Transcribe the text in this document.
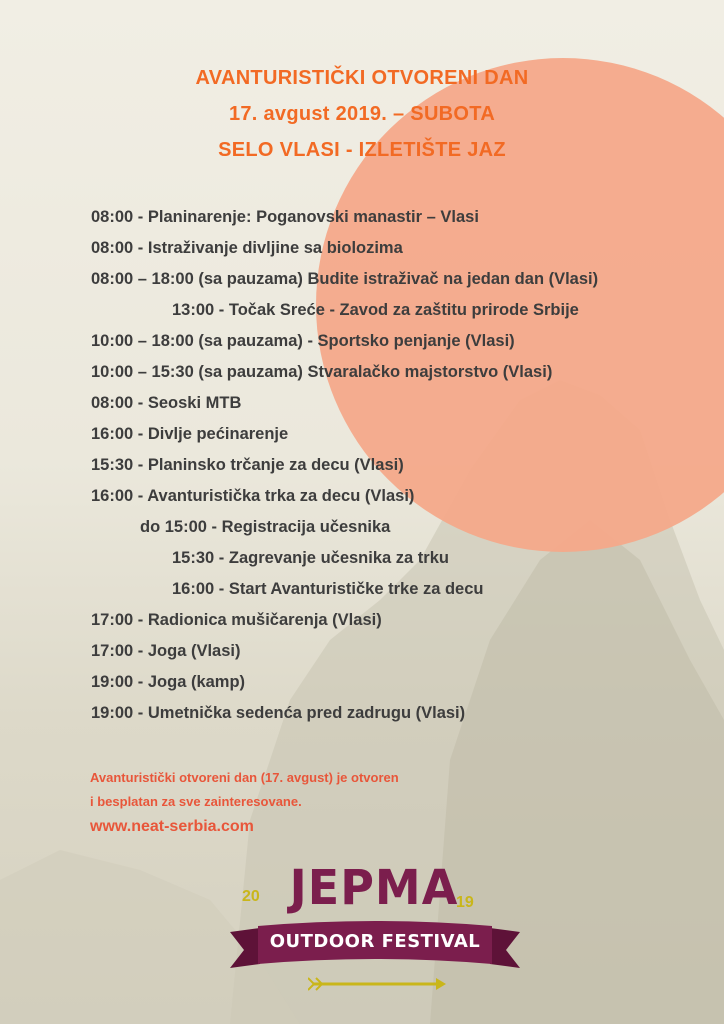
AVANTURISTIČKI OTVORENI DAN
17. avgust 2019. – SUBOTA
SELO VLASI - IZLETIŠTE JAZ
08:00 - Planinarenje: Poganovski manastir – Vlasi
08:00 - Istraživanje divljine sa biolozima
08:00 – 18:00 (sa pauzama) Budite istraživač na jedan dan (Vlasi)
13:00 - Točak Sreće - Zavod za zaštitu prirode Srbije
10:00 – 18:00 (sa pauzama) - Sportsko penjanje (Vlasi)
10:00 – 15:30 (sa pauzama) Stvaralačko majstorstvo (Vlasi)
08:00 - Seoski MTB
16:00 - Divlje pećinarenje
15:30 - Planinsko trčanje za decu (Vlasi)
16:00 - Avanturistička trka za decu (Vlasi)
do 15:00 - Registracija učesnika
15:30 - Zagrevanje učesnika za trku
16:00 - Start Avanturističke trke za decu
17:00 - Radionica mušičarenja (Vlasi)
17:00 - Joga (Vlasi)
19:00 - Joga (kamp)
19:00 - Umetnička sedenća pred zadrugu (Vlasi)
Avanturistički otvoreni dan (17. avgust) je otvoren
i besplatan za sve zainteresovane.
www.neat-serbia.com
20 JEPMA
19
OUTDOOR FESTIVAL
